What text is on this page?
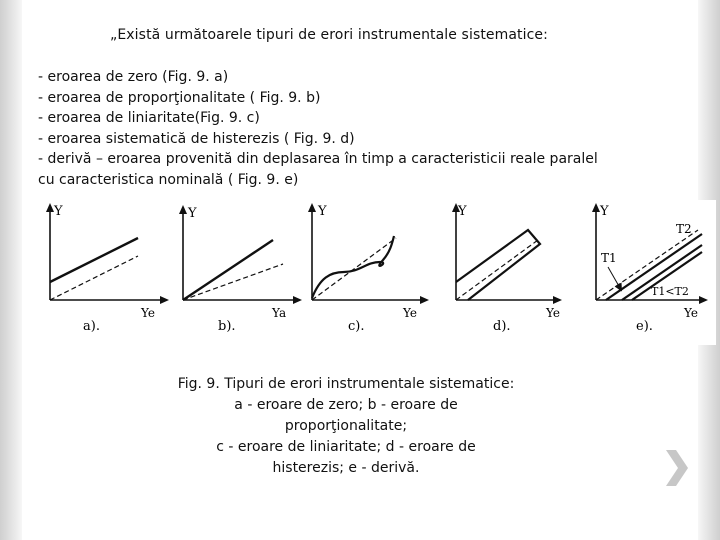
„Există următoarele tipuri de erori instrumentale sistematice:
- eroarea de zero (Fig. 9. a)
- eroarea de proporţionalitate ( Fig. 9. b)
- eroarea de liniaritate(Fig. 9. c)
- eroarea sistematică de histerezis ( Fig. 9. d)
- derivă – eroarea provenită din deplasarea în timp a caracteristicii reale paralel
cu caracteristica nominală ( Fig. 9. e)
Y
Ye
a).
Y
Ya
b).
Y
Ye
c).
Y
Ye
d).
Y
T2
T1
T1<T2
Ye
e).
Fig. 9. Tipuri de erori instrumentale sistematice:
a - eroare de zero; b - eroare de
proporţionalitate;
c - eroare de liniaritate; d - eroare de
histerezis; e - derivă.
